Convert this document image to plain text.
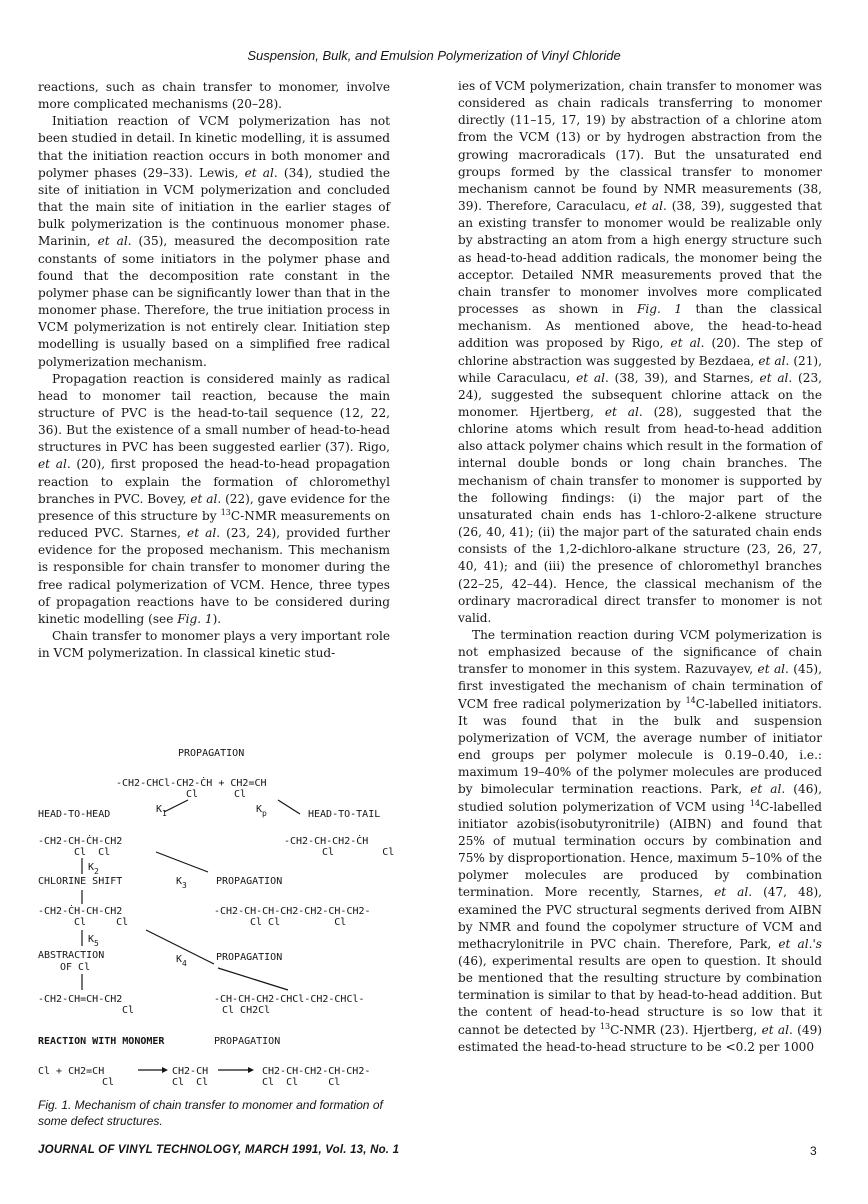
Suspension, Bulk, and Emulsion Polymerization of Vinyl Chloride

reactions, such as chain transfer to monomer, involve more complicated mechanisms (20–28).

Initiation reaction of VCM polymerization has not been studied in detail. In kinetic modelling, it is assumed that the initiation reaction occurs in both monomer and polymer phases (29–33). Lewis, et al. (34), studied the site of initiation in VCM polymerization and concluded that the main site of initiation in the earlier stages of bulk polymerization is the continuous monomer phase. Marinin, et al. (35), measured the decomposition rate constants of some initiators in the polymer phase and found that the decomposition rate constant in the polymer phase can be significantly lower than that in the monomer phase. Therefore, the true initiation process in VCM polymerization is not entirely clear. Initiation step modelling is usually based on a simplified free radical polymerization mechanism.

Propagation reaction is considered mainly as radical head to monomer tail reaction, because the main structure of PVC is the head-to-tail sequence (12, 22, 36). But the existence of a small number of head-to-head structures in PVC has been suggested earlier (37). Rigo, et al. (20), first proposed the head-to-head propagation reaction to explain the formation of chloromethyl branches in PVC. Bovey, et al. (22), gave evidence for the presence of this structure by $^{13}$C-NMR measurements on reduced PVC. Starnes, et al. (23, 24), provided further evidence for the proposed mechanism. This mechanism is responsible for chain transfer to monomer during the free radical polymerization of VCM. Hence, three types of propagation reactions have to be considered during kinetic modelling (see Fig. 1).

Chain transfer to monomer plays a very important role in VCM polymerization. In classical kinetic stud-

ies of VCM polymerization, chain transfer to monomer was considered as chain radicals transferring to monomer directly (11–15, 17, 19) by abstraction of a chlorine atom from the VCM (13) or by hydrogen abstraction from the growing macroradicals (17). But the unsaturated end groups formed by the classical transfer to monomer mechanism cannot be found by NMR measurements (38, 39). Therefore, Caraculacu, et al. (38, 39), suggested that an existing transfer to monomer would be realizable only by abstracting an atom from a high energy structure such as head-to-head addition radicals, the monomer being the acceptor. Detailed NMR measurements proved that the chain transfer to monomer involves more complicated processes as shown in Fig. 1 than the classical mechanism. As mentioned above, the head-to-head addition was proposed by Rigo, et al. (20). The step of chlorine abstraction was suggested by Bezdaea, et al. (21), while Caraculacu, et al. (38, 39), and Starnes, et al. (23, 24), suggested the subsequent chlorine attack on the monomer. Hjertberg, et al. (28), suggested that the chlorine atoms which result from head-to-head addition also attack polymer chains which result in the formation of internal double bonds or long chain branches. The mechanism of chain transfer to monomer is supported by the following findings: (i) the major part of the unsaturated chain ends has 1-chloro-2-alkene structure (26, 40, 41); (ii) the major part of the saturated chain ends consists of the 1,2-dichloro-alkane structure (23, 26, 27, 40, 41); and (iii) the presence of chloromethyl branches (22–25, 42–44). Hence, the classical mechanism of the ordinary macroradical direct transfer to monomer is not valid.

The termination reaction during VCM polymerization is not emphasized because of the significance of chain transfer to monomer in this system. Razuvayev, et al. (45), first investigated the mechanism of chain termination of VCM free radical polymerization by $^{14}$C-labelled initiators. It was found that in the bulk and suspension polymerization of VCM, the average number of initiator end groups per polymer molecule is 0.19–0.40, i.e.: maximum 19–40% of the polymer molecules are produced by bimolecular termination reactions. Park, et al. (46), studied solution polymerization of VCM using $^{14}$C-labelled initiator azobis(isobutyronitrile) (AIBN) and found that 25% of mutual termination occurs by combination and 75% by disproportionation. Hence, maximum 5–10% of the polymer molecules are produced by combination termination. More recently, Starnes, et al. (47, 48), examined the PVC structural segments derived from AIBN by NMR and found the copolymer structure of VCM and methacrylonitrile in PVC chain. Therefore, Park, et al.'s (46), experimental results are open to question. It should be mentioned that the resulting structure by combination termination is similar to that by head-to-head addition. But the content of head-to-head structure is so low that it cannot be detected by $^{13}$C-NMR (23). Hjertberg, et al. (49) estimated the head-to-head structure to be <0.2 per 1000

PROPAGATION
-CH2-CHCl-CH2-ĊH + CH2=CH
Cl	Cl
HEAD-TO-HEAD	$K_1$	$K_p$	HEAD-TO-TAIL
-CH2-CH-ĊH-CH2
Cl  Cl
-CH2-CH-CH2-ĊH
Cl        Cl
$K_2$
CHLORINE SHIFT	$K_3$	PROPAGATION
-CH2-ĊH-CH-CH2
Cl     Cl
-CH2-CH-CH-CH2-CH2-CH-CH2-
Cl Cl         Cl
$K_5$
ABSTRACTION
OF Cl
$K_4$
PROPAGATION
-CH2-CH=CH-CH2
Cl
-CH-CH-CH2-CHCl-CH2-CHCl-
Cl CH2Cl
REACTION WITH MONOMER	PROPAGATION
Cl + CH2=CH
Cl
CH2-CH
Cl  Cl
CH2-CH-CH2-CH-CH2-
Cl  Cl     Cl
Fig. 1. Mechanism of chain transfer to monomer and formation of some defect structures.
JOURNAL OF VINYL TECHNOLOGY, MARCH 1991, Vol. 13, No. 1	3
